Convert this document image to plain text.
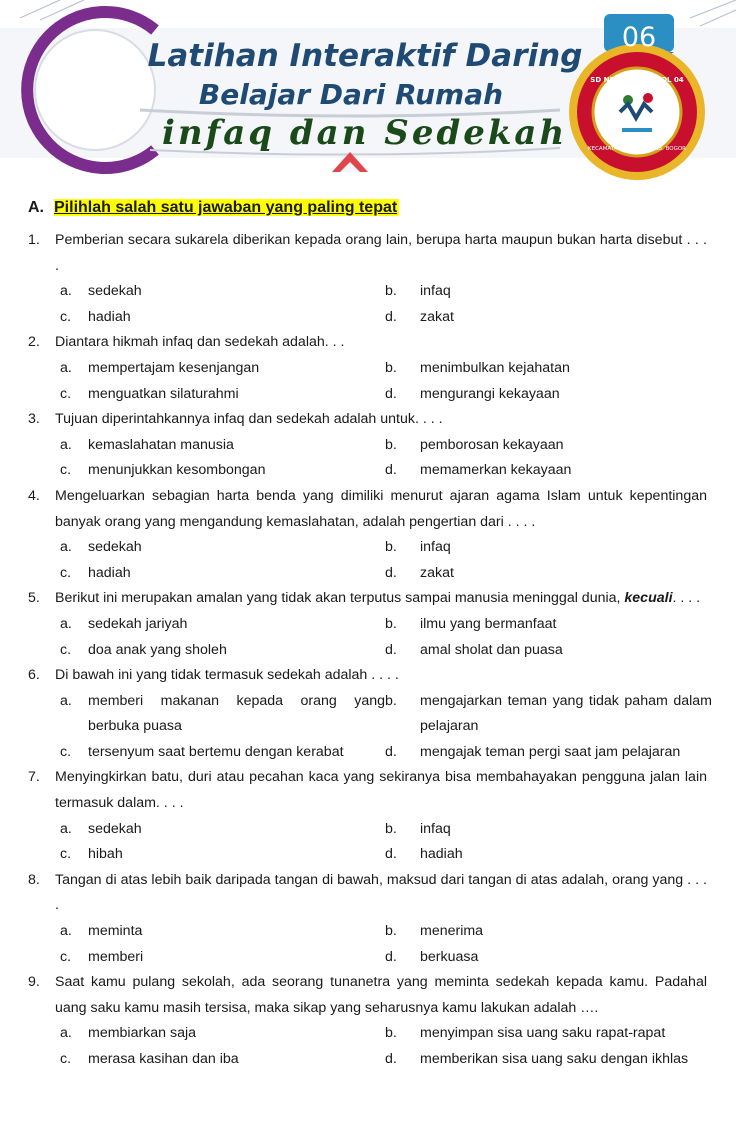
SD NEGERI JONGGOL 04
KECAMATAN JONGGOL KAB. BOGOR
Latihan Interaktif Daring
Belajar Dari Rumah
infaq dan Sedekah
06
A. Pilihlah salah satu jawaban yang paling tepat
1.	Pemberian secara sukarela diberikan kepada orang lain, berupa harta maupun bukan harta disebut . . . .
a. sedekah	b. infaq
c. hadiah	d. zakat
2.	Diantara hikmah infaq dan sedekah adalah. . .
a. mempertajam kesenjangan	b. menimbulkan kejahatan
c. menguatkan silaturahmi	d. mengurangi kekayaan
3.	Tujuan diperintahkannya infaq dan sedekah adalah untuk. . . .
a. kemaslahatan manusia	b. pemborosan kekayaan
c. menunjukkan kesombongan	d. memamerkan kekayaan
4.	Mengeluarkan sebagian harta benda yang dimiliki menurut ajaran agama Islam untuk kepentingan banyak orang yang mengandung kemaslahatan, adalah pengertian dari . . . .
a. sedekah	b. infaq
c. hadiah	d. zakat
5.	Berikut ini merupakan amalan yang tidak akan terputus sampai manusia meninggal dunia, kecuali. . . .
a. sedekah jariyah	b. ilmu yang bermanfaat
c. doa anak yang sholeh	d. amal sholat dan puasa
6.	Di bawah ini yang tidak termasuk sedekah adalah . . . .
a. memberi makanan kepada orang yang berbuka puasa
b. mengajarkan teman yang tidak paham dalam pelajaran
c. tersenyum saat bertemu dengan kerabat	d. mengajak teman pergi saat jam pelajaran
7.	Menyingkirkan batu, duri atau pecahan kaca yang sekiranya bisa membahayakan pengguna jalan lain termasuk dalam. . . .
a. sedekah	b. infaq
c. hibah	d. hadiah
8.	Tangan di atas lebih baik daripada tangan di bawah, maksud dari tangan di atas adalah, orang yang . . . .
a. meminta	b. menerima
c. memberi	d. berkuasa
9.	Saat kamu pulang sekolah, ada seorang tunanetra yang meminta sedekah kepada kamu. Padahal uang saku kamu masih tersisa, maka sikap yang seharusnya kamu lakukan adalah ….
a. membiarkan saja	b. menyimpan sisa uang saku rapat-rapat
c. merasa kasihan dan iba	d. memberikan sisa uang saku dengan ikhlas
